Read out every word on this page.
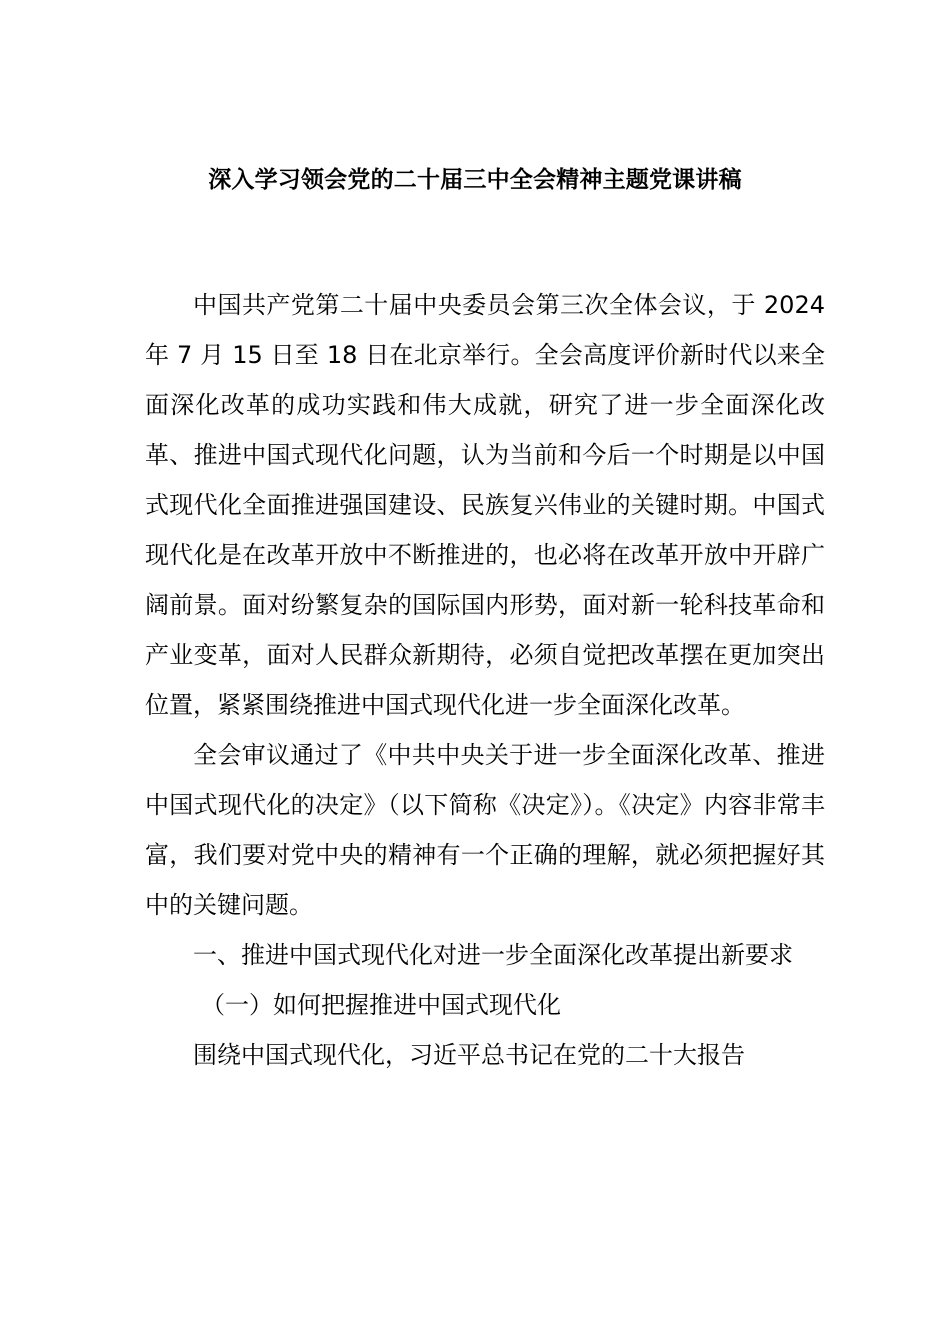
深入学习领会党的二十届三中全会精神主题党课讲稿

中国共产党第二十届中央委员会第三次全体会议，于 2024 年 7 月 15 日至 18 日在北京举行。全会高度评价新时代以来全面深化改革的成功实践和伟大成就，研究了进一步全面深化改革、推进中国式现代化问题，认为当前和今后一个时期是以中国式现代化全面推进强国建设、民族复兴伟业的关键时期。中国式现代化是在改革开放中不断推进的，也必将在改革开放中开辟广阔前景。面对纷繁复杂的国际国内形势，面对新一轮科技革命和产业变革，面对人民群众新期待，必须自觉把改革摆在更加突出位置，紧紧围绕推进中国式现代化进一步全面深化改革。

全会审议通过了《中共中央关于进一步全面深化改革、推进中国式现代化的决定》（以下简称《决定》）。《决定》内容非常丰富，我们要对党中央的精神有一个正确的理解，就必须把握好其中的关键问题。

一、推进中国式现代化对进一步全面深化改革提出新要求

（一）如何把握推进中国式现代化

围绕中国式现代化，习近平总书记在党的二十大报告
